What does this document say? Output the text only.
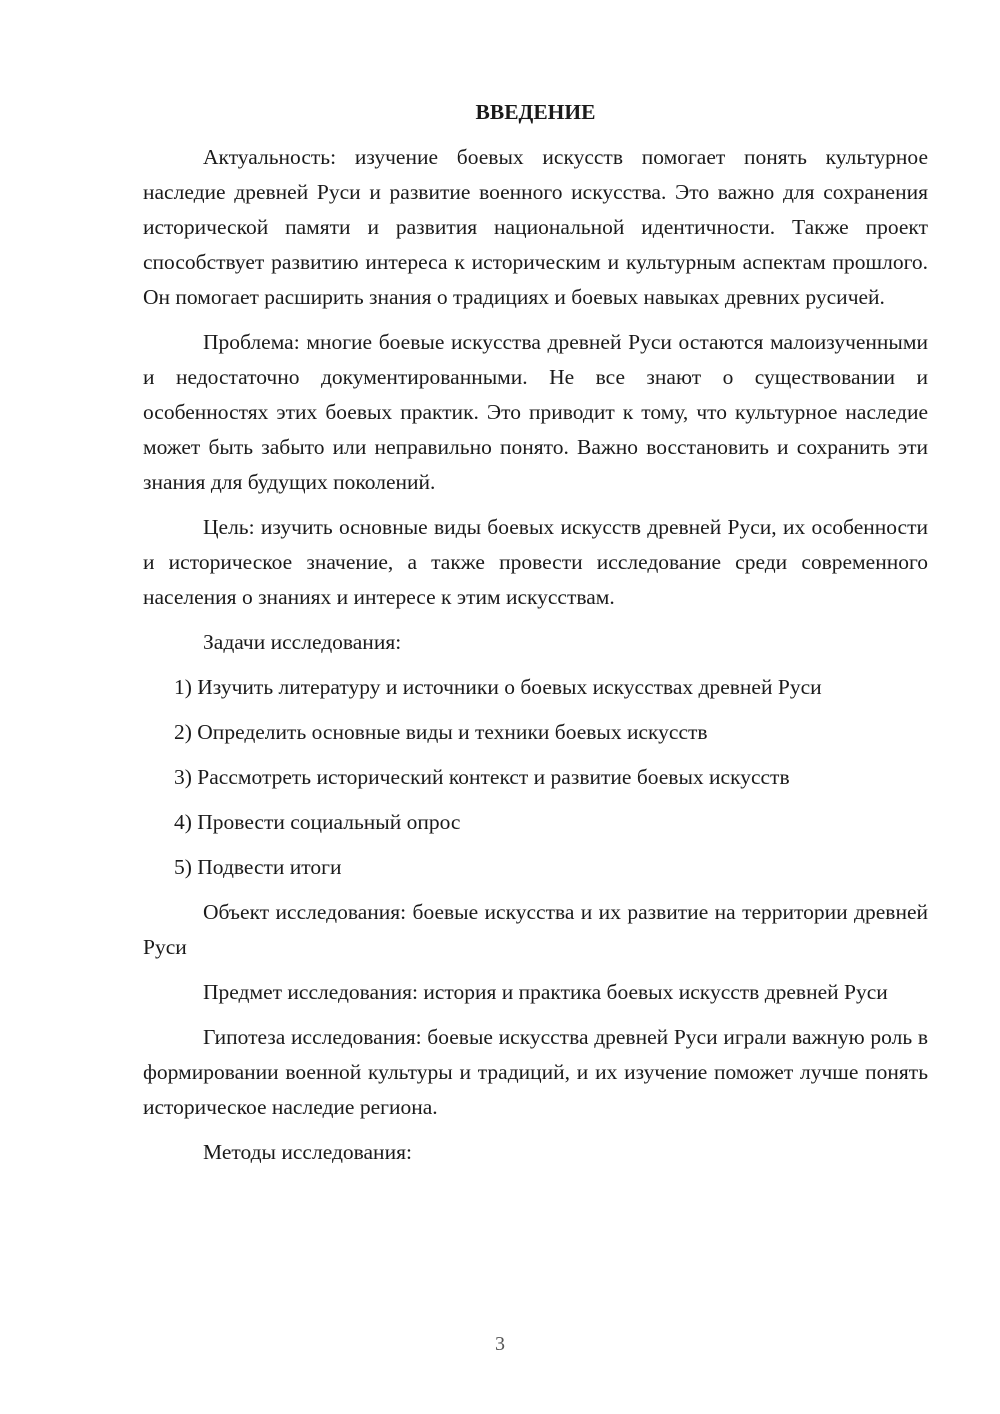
ВВЕДЕНИЕ

Актуальность: изучение боевых искусств помогает понять культурное наследие древней Руси и развитие военного искусства. Это важно для сохранения исторической памяти и развития национальной идентичности. Также проект способствует развитию интереса к историческим и культурным аспектам прошлого. Он помогает расширить знания о традициях и боевых навыках древних русичей.

Проблема: многие боевые искусства древней Руси остаются малоизученными и недостаточно документированными. Не все знают о существовании и особенностях этих боевых практик. Это приводит к тому, что культурное наследие может быть забыто или неправильно понято. Важно восстановить и сохранить эти знания для будущих поколений.

Цель: изучить основные виды боевых искусств древней Руси, их особенности и историческое значение, а также провести исследование среди современного населения о знаниях и интересе к этим искусствам.

Задачи исследования:

1) Изучить литературу и источники о боевых искусствах древней Руси

2) Определить основные виды и техники боевых искусств

3) Рассмотреть исторический контекст и развитие боевых искусств

4) Провести социальный опрос

5) Подвести итоги

Объект исследования: боевые искусства и их развитие на территории древней Руси

Предмет исследования: история и практика боевых искусств древней Руси

Гипотеза исследования: боевые искусства древней Руси играли важную роль в формировании военной культуры и традиций, и их изучение поможет лучше понять историческое наследие региона.

Методы исследования:

3
